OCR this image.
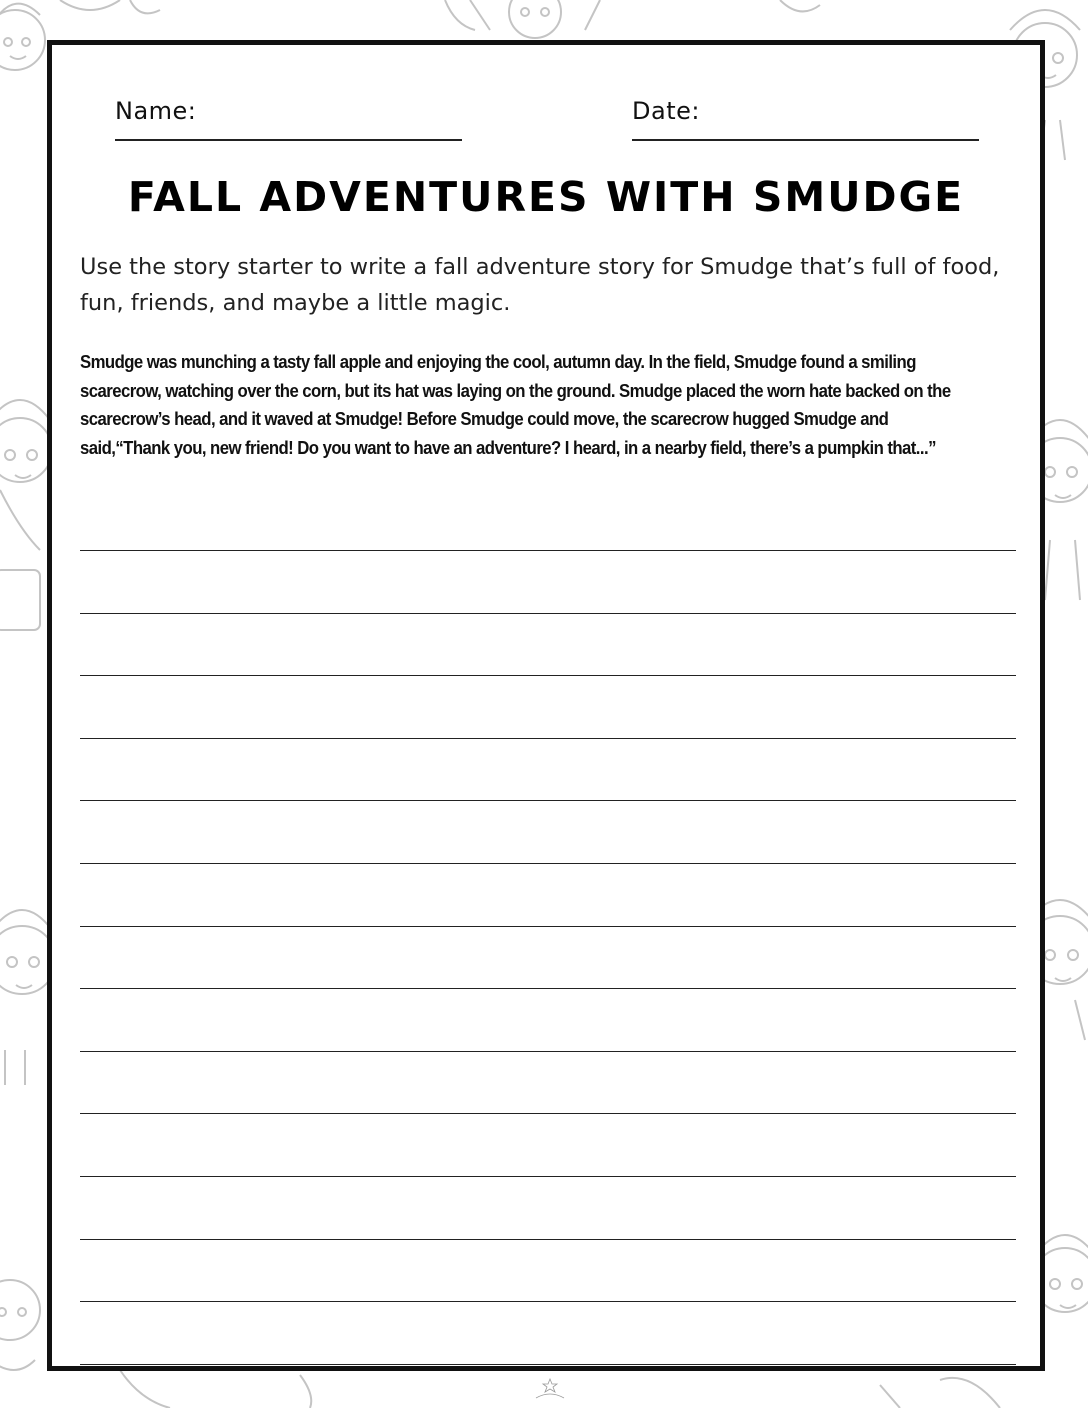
Name:	Date:
FALL ADVENTURES WITH SMUDGE
Use the story starter to write a fall adventure story for Smudge that’s full of food, fun, friends, and maybe a little magic.
Smudge was munching a tasty fall apple and enjoying the cool, autumn day. In the field, Smudge found a smiling scarecrow, watching over the corn, but its hat was laying on the ground. Smudge placed the worn hate backed on the scarecrow’s head, and it waved at Smudge! Before Smudge could move, the scarecrow hugged Smudge and said,“Thank you, new friend! Do you want to have an adventure? I heard, in a nearby field, there’s a pumpkin that...”
